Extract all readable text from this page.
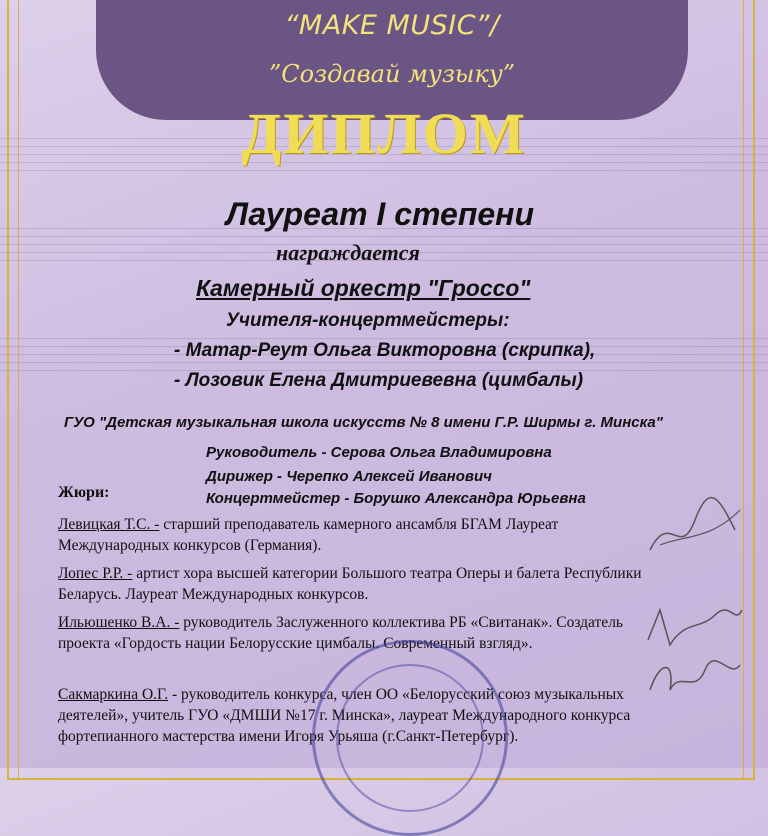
“MAKE MUSIC”/
”Создавай музыку”
ДИПЛОМ
Лауреат I степени
награждается
Камерный оркестр "Гроссо"
Учителя-концертмейстеры:
- Матар-Реут Ольга Викторовна (скрипка),
- Лозовик Елена Дмитриевевна (цимбалы)
ГУО "Детская музыкальная школа искусств № 8 имени Г.Р. Ширмы г. Минска"
Руководитель - Серова Ольга Владимировна
Дирижер - Черепко Алексей Иванович
Концертмейстер - Борушко Александра Юрьевна
Жюри:
Левицкая Т.С. - старший преподаватель камерного ансамбля БГАМ Лауреат Международных конкурсов (Германия).
Лопес Р.Р. - артист хора высшей категории Большого театра Оперы и балета Республики Беларусь. Лауреат Международных конкурсов.
Ильюшенко В.А. - руководитель Заслуженного коллектива РБ «Свитанак». Создатель проекта «Гордость нации Белорусские цимбалы. Современный взгляд».
Сакмаркина О.Г. - руководитель конкурса, член ОО «Белорусский союз музыкальных деятелей», учитель ГУО «ДМШИ №17 г. Минска», лауреат Международного конкурса фортепианного мастерства имени Игоря Урьяша (г.Санкт-Петербург).
